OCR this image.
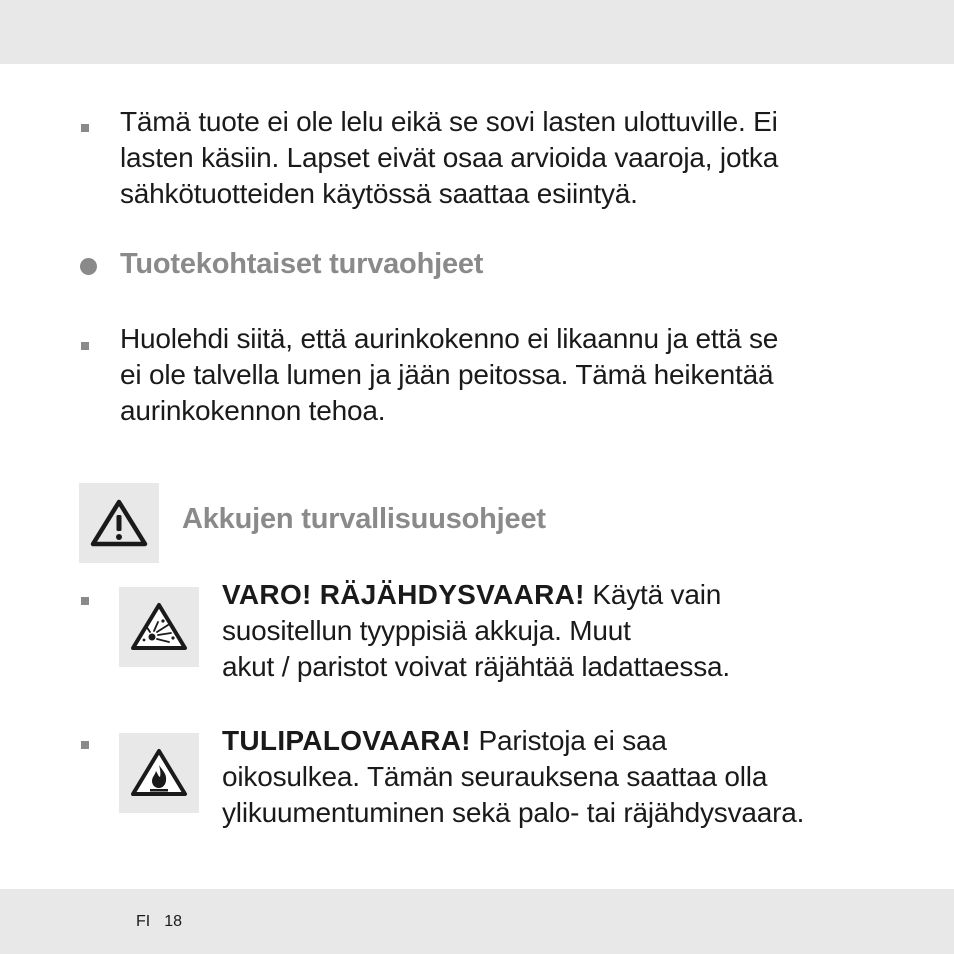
Tämä tuote ei ole lelu eikä se sovi lasten ulottuville. Ei
lasten käsiin. Lapset eivät osaa arvioida vaaroja, jotka
sähkötuotteiden käytössä saattaa esiintyä.
Tuotekohtaiset turvaohjeet
Huolehdi siitä, että aurinkokenno ei likaannu ja että se
ei ole talvella lumen ja jään peitossa. Tämä heikentää
aurinkokennon tehoa.
Akkujen turvallisuusohjeet
VARO! RÄJÄHDYSVAARA! Käytä vain
suositellun tyyppisiä akkuja. Muut
akut / paristot voivat räjähtää ladattaessa.
TULIPALOVAARA! Paristoja ei saa
oikosulkea. Tämän seurauksena saattaa olla
ylikuumentuminen sekä palo- tai räjähdysvaara.
FI 18
